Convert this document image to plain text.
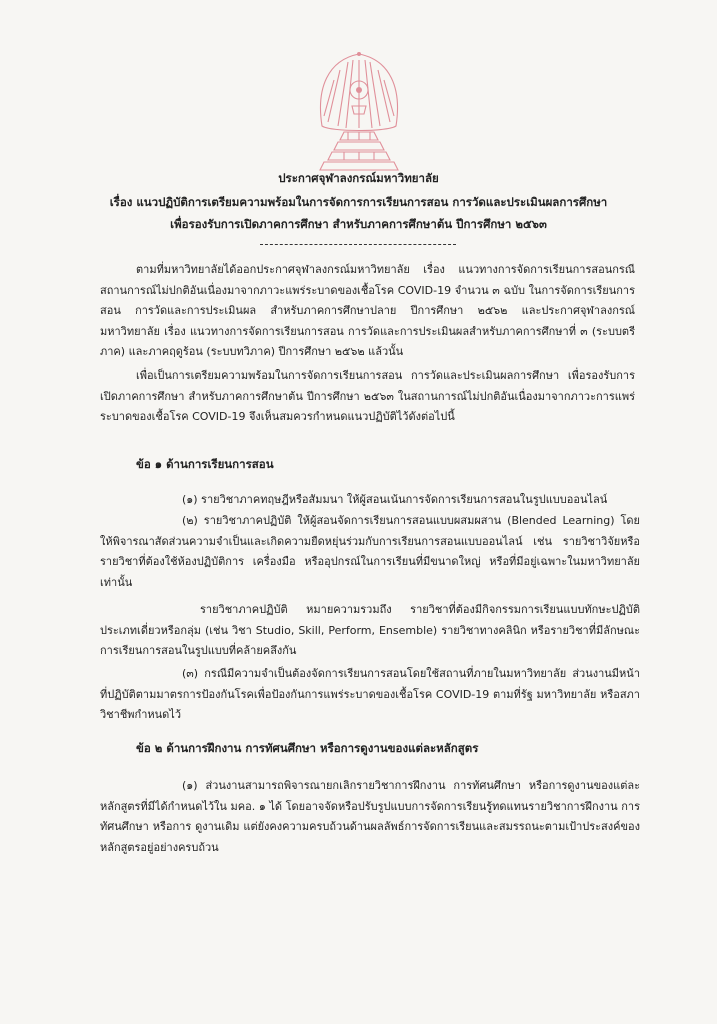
ประกาศจุฬาลงกรณ์มหาวิทยาลัย
เรื่อง แนวปฏิบัติการเตรียมความพร้อมในการจัดการการเรียนการสอน การวัดและประเมินผลการศึกษา
เพื่อรองรับการเปิดภาคการศึกษา สำหรับภาคการศึกษาต้น ปีการศึกษา ๒๕๖๓
ตามที่มหาวิทยาลัยได้ออกประกาศจุฬาลงกรณ์มหาวิทยาลัย เรื่อง แนวทางการจัดการเรียนการสอนกรณีสถานการณ์ไม่ปกติอันเนื่องมาจากภาวะแพร่ระบาดของเชื้อโรค COVID-19 จำนวน ๓ ฉบับ ในการจัดการเรียนการสอน การวัดและการประเมินผล สำหรับภาคการศึกษาปลาย ปีการศึกษา ๒๕๖๒ และประกาศจุฬาลงกรณ์มหาวิทยาลัย เรื่อง แนวทางการจัดการเรียนการสอน การวัดและการประเมินผลสำหรับภาคการศึกษาที่ ๓ (ระบบตรีภาค) และภาคฤดูร้อน (ระบบทวิภาค) ปีการศึกษา ๒๕๖๒ แล้วนั้น
เพื่อเป็นการเตรียมความพร้อมในการจัดการเรียนการสอน การวัดและประเมินผลการศึกษา เพื่อรองรับการเปิดภาคการศึกษา สำหรับภาคการศึกษาต้น ปีการศึกษา ๒๕๖๓ ในสถานการณ์ไม่ปกติอันเนื่องมาจากภาวะการแพร่ระบาดของเชื้อโรค COVID-19 จึงเห็นสมควรกำหนดแนวปฏิบัติไว้ดังต่อไปนี้
ข้อ ๑ ด้านการเรียนการสอน
(๑) รายวิชาภาคทฤษฎีหรือสัมมนา ให้ผู้สอนเน้นการจัดการเรียนการสอนในรูปแบบออนไลน์
(๒) รายวิชาภาคปฏิบัติ ให้ผู้สอนจัดการเรียนการสอนแบบผสมผสาน (Blended Learning) โดยให้พิจารณาสัดส่วนความจำเป็นและเกิดความยืดหยุ่นร่วมกับการเรียนการสอนแบบออนไลน์ เช่น รายวิชาวิจัยหรือรายวิชาที่ต้องใช้ห้องปฏิบัติการ เครื่องมือ หรืออุปกรณ์ในการเรียนที่มีขนาดใหญ่ หรือที่มีอยู่เฉพาะในมหาวิทยาลัยเท่านั้น
รายวิชาภาคปฏิบัติ หมายความรวมถึง รายวิชาที่ต้องมีกิจกรรมการเรียนแบบทักษะปฏิบัติ ประเภทเดี่ยวหรือกลุ่ม (เช่น วิชา Studio, Skill, Perform, Ensemble) รายวิชาทางคลินิก หรือรายวิชาที่มีลักษณะการเรียนการสอนในรูปแบบที่คล้ายคลึงกัน
(๓) กรณีมีความจำเป็นต้องจัดการเรียนการสอนโดยใช้สถานที่ภายในมหาวิทยาลัย ส่วนงานมีหน้าที่ปฏิบัติตามมาตรการป้องกันโรคเพื่อป้องกันการแพร่ระบาดของเชื้อโรค COVID-19 ตามที่รัฐ มหาวิทยาลัย หรือสภาวิชาชีพกำหนดไว้
ข้อ ๒ ด้านการฝึกงาน การทัศนศึกษา หรือการดูงานของแต่ละหลักสูตร
(๑) ส่วนงานสามารถพิจารณายกเลิกรายวิชาการฝึกงาน การทัศนศึกษา หรือการดูงานของแต่ละหลักสูตรที่มีได้กำหนดไว้ใน มคอ. ๑ ได้ โดยอาจจัดหรือปรับรูปแบบการจัดการเรียนรู้ทดแทนรายวิชาการฝึกงาน การทัศนศึกษา หรือการ ดูงานเดิม แต่ยังคงความครบถ้วนด้านผลลัพธ์การจัดการเรียนและสมรรถนะตามเป้าประสงค์ของหลักสูตรอยู่อย่างครบถ้วน
